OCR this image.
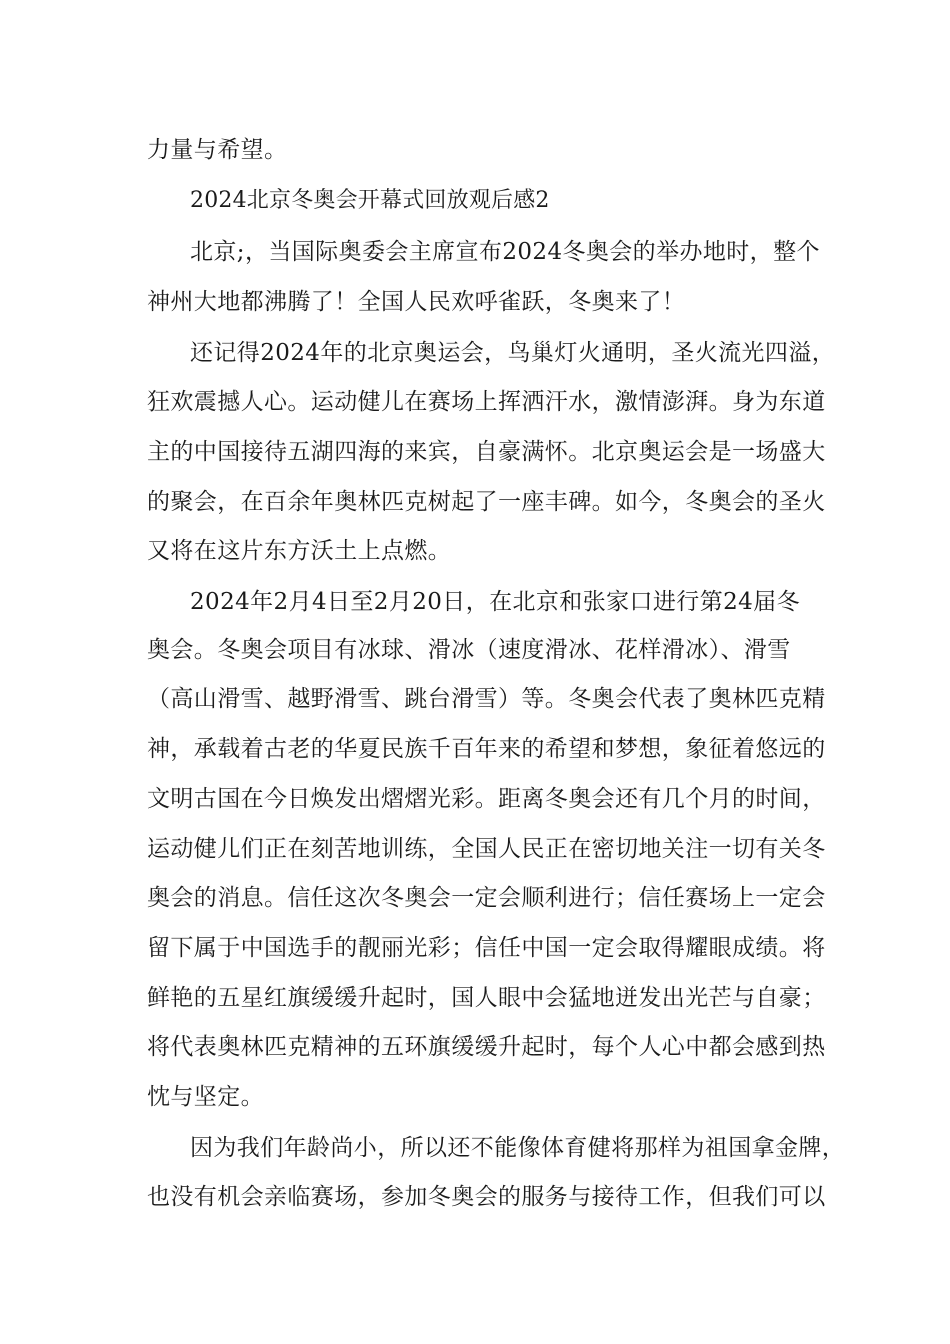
力量与希望。
2024北京冬奥会开幕式回放观后感2
北京;，当国际奥委会主席宣布2024冬奥会的举办地时，整个
神州大地都沸腾了！全国人民欢呼雀跃，冬奥来了！
还记得2024年的北京奥运会，鸟巢灯火通明，圣火流光四溢，
狂欢震撼人心。运动健儿在赛场上挥洒汗水，激情澎湃。身为东道
主的中国接待五湖四海的来宾，自豪满怀。北京奥运会是一场盛大
的聚会，在百余年奥林匹克树起了一座丰碑。如今，冬奥会的圣火
又将在这片东方沃土上点燃。
2024年2月4日至2月20日，在北京和张家口进行第24届冬
奥会。冬奥会项目有冰球、滑冰（速度滑冰、花样滑冰）、滑雪
（高山滑雪、越野滑雪、跳台滑雪）等。冬奥会代表了奥林匹克精
神，承载着古老的华夏民族千百年来的希望和梦想，象征着悠远的
文明古国在今日焕发出熠熠光彩。距离冬奥会还有几个月的时间，
运动健儿们正在刻苦地训练，全国人民正在密切地关注一切有关冬
奥会的消息。信任这次冬奥会一定会顺利进行；信任赛场上一定会
留下属于中国选手的靓丽光彩；信任中国一定会取得耀眼成绩。将
鲜艳的五星红旗缓缓升起时，国人眼中会猛地迸发出光芒与自豪；
将代表奥林匹克精神的五环旗缓缓升起时，每个人心中都会感到热
忱与坚定。
因为我们年龄尚小，所以还不能像体育健将那样为祖国拿金牌，
也没有机会亲临赛场，参加冬奥会的服务与接待工作，但我们可以
